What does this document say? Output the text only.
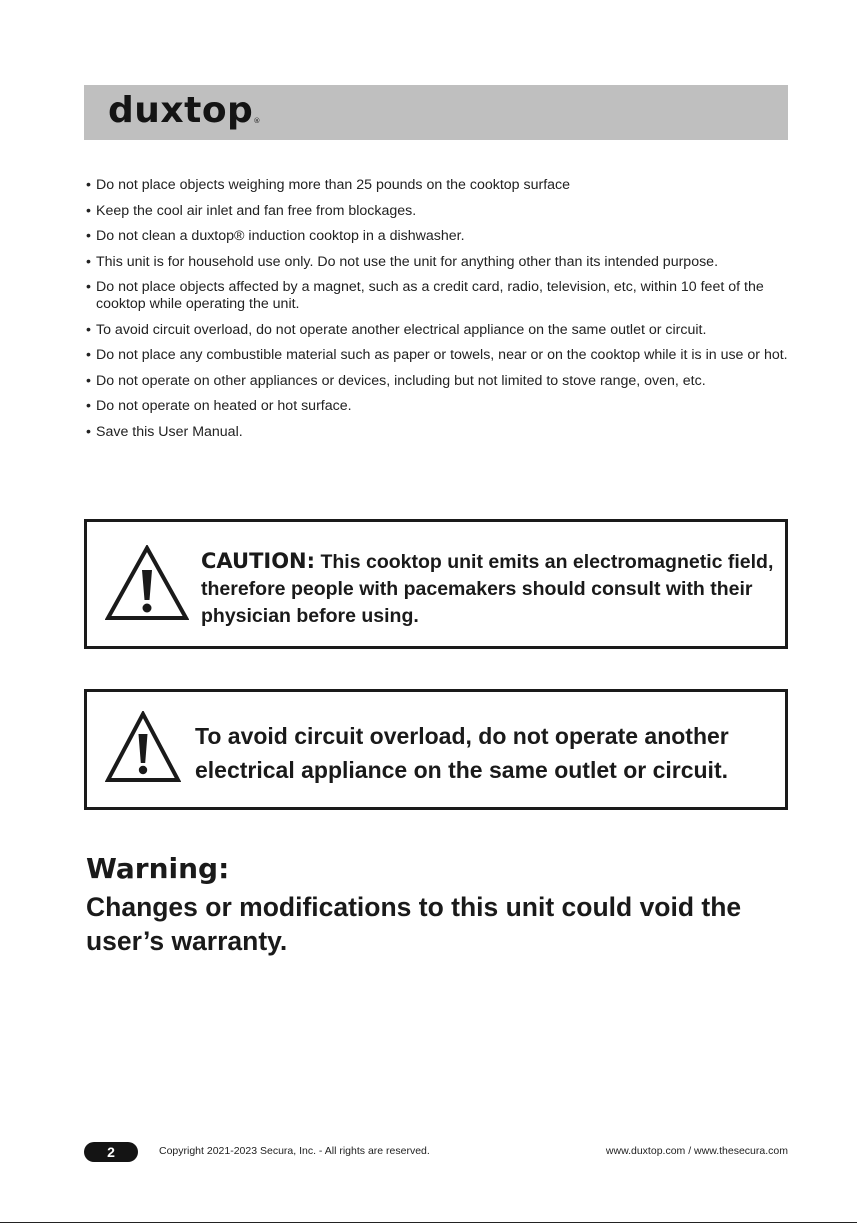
duxtop®
• Do not place objects weighing more than 25 pounds on the cooktop surface
• Keep the cool air inlet and fan free from blockages.
• Do not clean a duxtop® induction cooktop in a dishwasher.
• This unit is for household use only. Do not use the unit for anything other than its intended purpose.
• Do not place objects affected by a magnet, such as a credit card, radio, television, etc, within 10 feet of the cooktop while operating the unit.
• To avoid circuit overload, do not operate another electrical appliance on the same outlet or circuit.
• Do not place any combustible material such as paper or towels, near or on the cooktop while it is in use or hot.
• Do not operate on other appliances or devices, including but not limited to stove range, oven, etc.
• Do not operate on heated or hot surface.
• Save this User Manual.
CAUTION: This cooktop unit emits an electromagnetic field, therefore people with pacemakers should consult with their physician before using.
To avoid circuit overload, do not operate another electrical appliance on the same outlet or circuit.
Warning:
Changes or modifications to this unit could void the user’s warranty.
2	Copyright 2021-2023 Secura, Inc. - All rights are reserved.	www.duxtop.com / www.thesecura.com
